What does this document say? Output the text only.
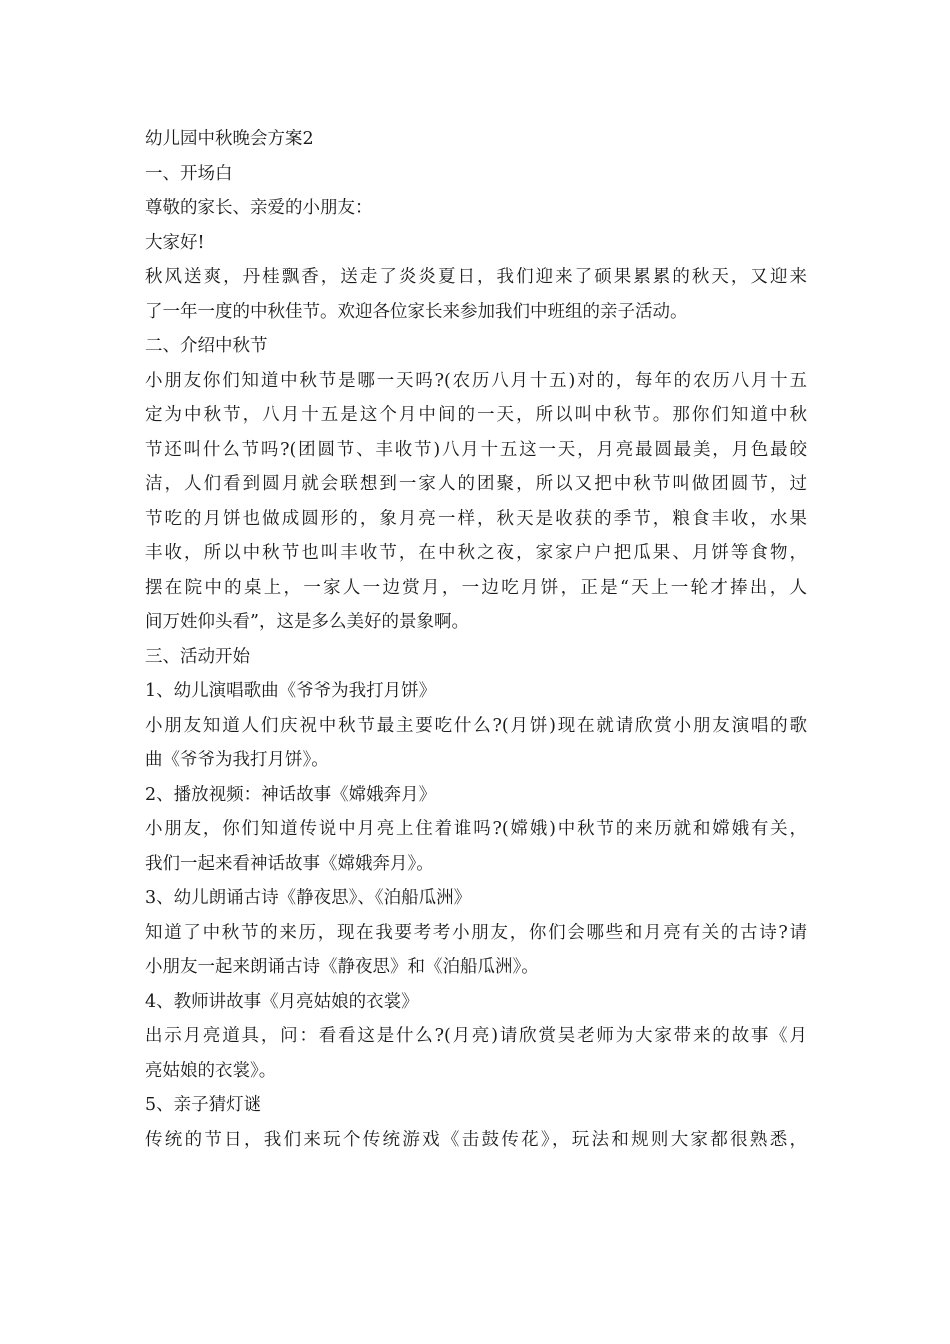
幼儿园中秋晚会方案2
一、开场白
尊敬的家长、亲爱的小朋友：
大家好!
秋风送爽，丹桂飘香，送走了炎炎夏日，我们迎来了硕果累累的秋天，又迎来
了一年一度的中秋佳节。欢迎各位家长来参加我们中班组的亲子活动。
二、介绍中秋节
小朋友你们知道中秋节是哪一天吗?(农历八月十五)对的，每年的农历八月十五
定为中秋节，八月十五是这个月中间的一天，所以叫中秋节。那你们知道中秋
节还叫什么节吗?(团圆节、丰收节)八月十五这一天，月亮最圆最美，月色最皎
洁，人们看到圆月就会联想到一家人的团聚，所以又把中秋节叫做团圆节，过
节吃的月饼也做成圆形的，象月亮一样，秋天是收获的季节，粮食丰收，水果
丰收，所以中秋节也叫丰收节，在中秋之夜，家家户户把瓜果、月饼等食物，
摆在院中的桌上，一家人一边赏月，一边吃月饼，正是“天上一轮才捧出，人
间万姓仰头看”，这是多么美好的景象啊。
三、活动开始
1、幼儿演唱歌曲《爷爷为我打月饼》
小朋友知道人们庆祝中秋节最主要吃什么?(月饼)现在就请欣赏小朋友演唱的歌
曲《爷爷为我打月饼》。
2、播放视频：神话故事《嫦娥奔月》
小朋友，你们知道传说中月亮上住着谁吗?(嫦娥)中秋节的来历就和嫦娥有关，
我们一起来看神话故事《嫦娥奔月》。
3、幼儿朗诵古诗《静夜思》、《泊船瓜洲》
知道了中秋节的来历，现在我要考考小朋友，你们会哪些和月亮有关的古诗?请
小朋友一起来朗诵古诗《静夜思》和《泊船瓜洲》。
4、教师讲故事《月亮姑娘的衣裳》
出示月亮道具，问：看看这是什么?(月亮)请欣赏吴老师为大家带来的故事《月
亮姑娘的衣裳》。
5、亲子猜灯谜
传统的节日，我们来玩个传统游戏《击鼓传花》，玩法和规则大家都很熟悉，
